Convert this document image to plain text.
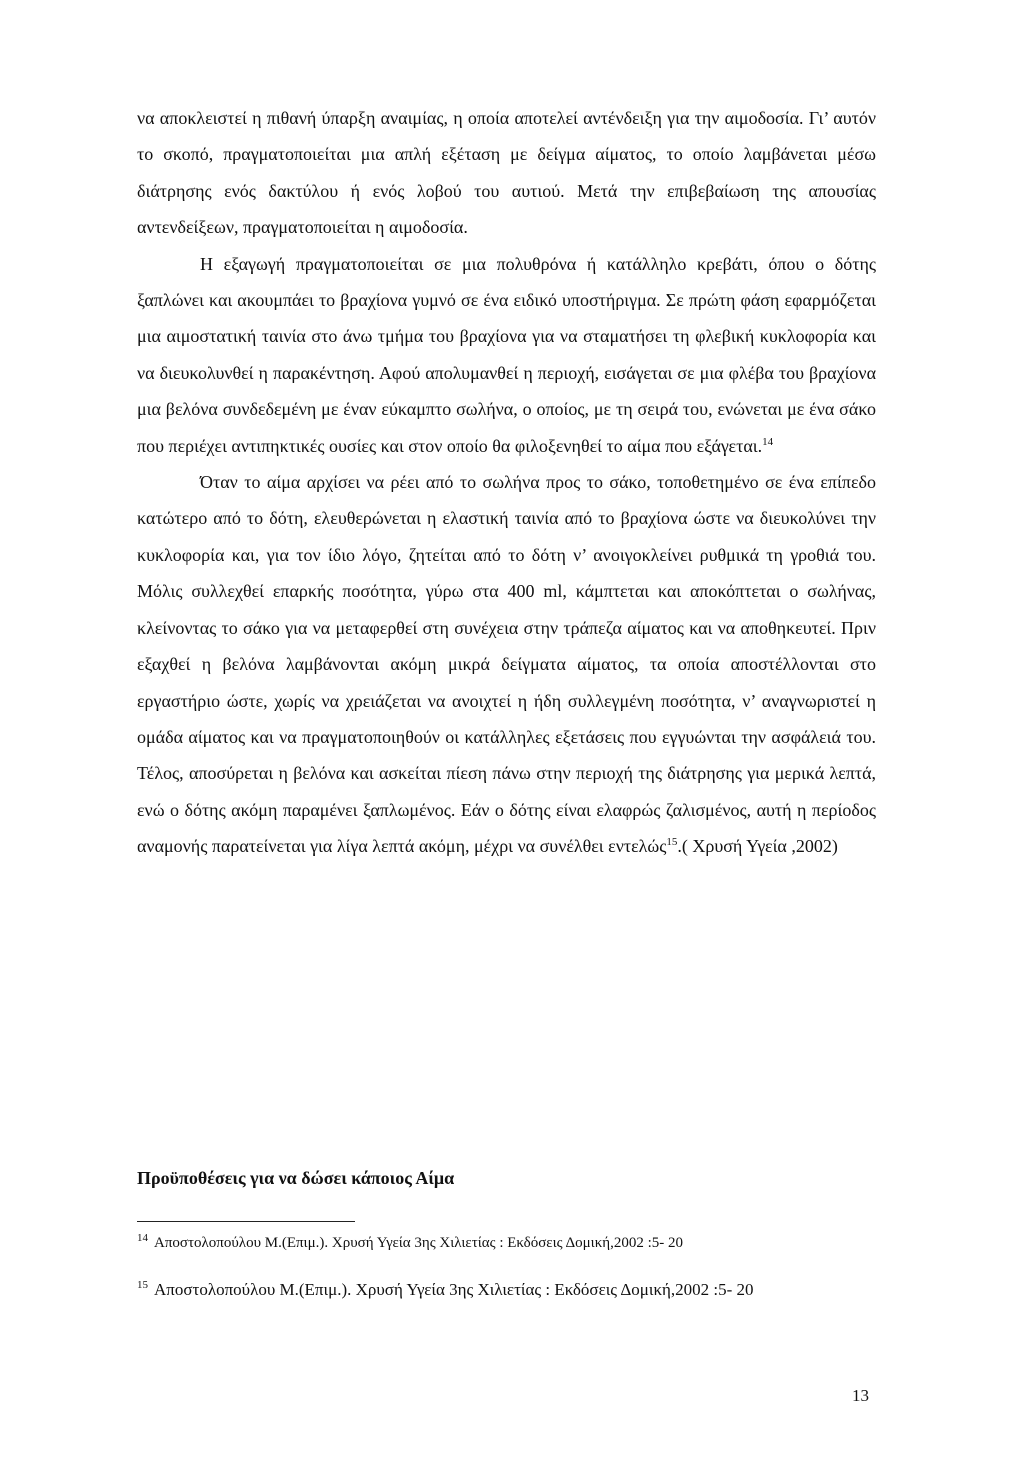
να αποκλειστεί η πιθανή ύπαρξη αναιμίας, η οποία αποτελεί αντένδειξη για την αιμοδοσία. Γι’ αυτόν το σκοπό, πραγματοποιείται μια απλή εξέταση με δείγμα αίματος, το οποίο λαμβάνεται μέσω διάτρησης ενός δακτύλου ή ενός λοβού του αυτιού. Μετά την επιβεβαίωση της απουσίας αντενδείξεων, πραγματοποιείται η αιμοδοσία.

Η εξαγωγή πραγματοποιείται σε μια πολυθρόνα ή κατάλληλο κρεβάτι, όπου ο δότης ξαπλώνει και ακουμπάει το βραχίονα γυμνό σε ένα ειδικό υποστήριγμα. Σε πρώτη φάση εφαρμόζεται μια αιμοστατική ταινία στο άνω τμήμα του βραχίονα για να σταματήσει τη φλεβική κυκλοφορία και να διευκολυνθεί η παρακέντηση. Αφού απολυμανθεί η περιοχή, εισάγεται σε μια φλέβα του βραχίονα μια βελόνα συνδεδεμένη με έναν εύκαμπτο σωλήνα, ο οποίος, με τη σειρά του, ενώνεται με ένα σάκο που περιέχει αντιπηκτικές ουσίες και στον οποίο θα φιλοξενηθεί το αίμα που εξάγεται.$^{14}$

Όταν το αίμα αρχίσει να ρέει από το σωλήνα προς το σάκο, τοποθετημένο σε ένα επίπεδο κατώτερο από το δότη, ελευθερώνεται η ελαστική ταινία από το βραχίονα ώστε να διευκολύνει την κυκλοφορία και, για τον ίδιο λόγο, ζητείται από το δότη ν’ ανοιγοκλείνει ρυθμικά τη γροθιά του. Μόλις συλλεχθεί επαρκής ποσότητα, γύρω στα 400 ml, κάμπτεται και αποκόπτεται ο σωλήνας, κλείνοντας το σάκο για να μεταφερθεί στη συνέχεια στην τράπεζα αίματος και να αποθηκευτεί. Πριν εξαχθεί η βελόνα λαμβάνονται ακόμη μικρά δείγματα αίματος, τα οποία αποστέλλονται στο εργαστήριο ώστε, χωρίς να χρειάζεται να ανοιχτεί η ήδη συλλεγμένη ποσότητα, ν’ αναγνωριστεί η ομάδα αίματος και να πραγματοποιηθούν οι κατάλληλες εξετάσεις που εγγυώνται την ασφάλειά του. Τέλος, αποσύρεται η βελόνα και ασκείται πίεση πάνω στην περιοχή της διάτρησης για μερικά λεπτά, ενώ ο δότης ακόμη παραμένει ξαπλωμένος. Εάν ο δότης είναι ελαφρώς ζαλισμένος, αυτή η περίοδος αναμονής παρατείνεται για λίγα λεπτά ακόμη, μέχρι να συνέλθει εντελώς$^{15}$.( Χρυσή Υγεία ,2002)

Προϋποθέσεις για να δώσει κάποιος Αίμα

$^{14}$ Αποστολοπούλου Μ.(Επιμ.). Χρυσή Υγεία 3ης Χιλιετίας : Εκδόσεις Δομική,2002 :5- 20

$^{15}$ Αποστολοπούλου Μ.(Επιμ.). Χρυσή Υγεία 3ης Χιλιετίας : Εκδόσεις Δομική,2002 :5- 20

13
